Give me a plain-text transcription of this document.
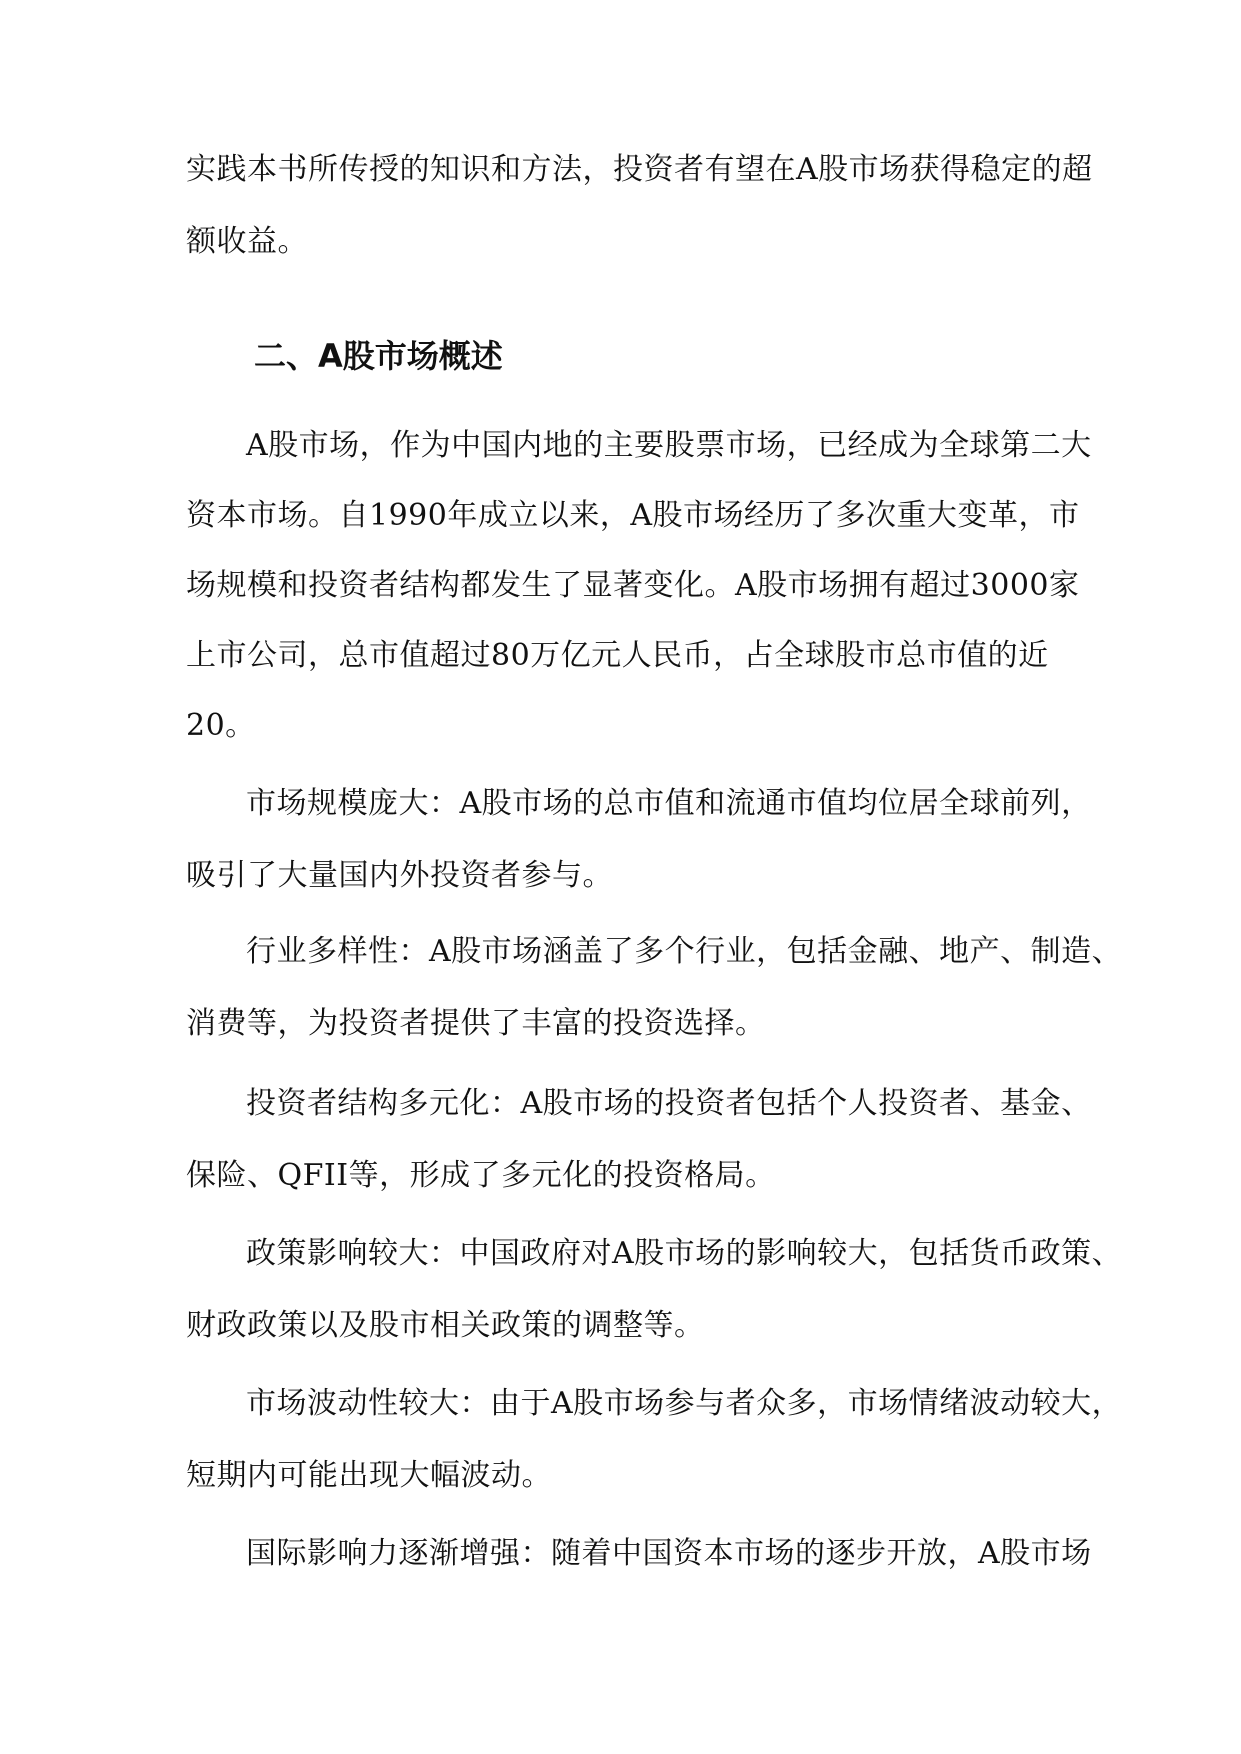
实践本书所传授的知识和方法，投资者有望在A股市场获得稳定的超
额收益。
二、A股市场概述
A股市场，作为中国内地的主要股票市场，已经成为全球第二大
资本市场。自1990年成立以来，A股市场经历了多次重大变革，市
场规模和投资者结构都发生了显著变化。A股市场拥有超过3000家
上市公司，总市值超过80万亿元人民币，占全球股市总市值的近
20。
市场规模庞大：A股市场的总市值和流通市值均位居全球前列，
吸引了大量国内外投资者参与。
行业多样性：A股市场涵盖了多个行业，包括金融、地产、制造、
消费等，为投资者提供了丰富的投资选择。
投资者结构多元化：A股市场的投资者包括个人投资者、基金、
保险、QFII等，形成了多元化的投资格局。
政策影响较大：中国政府对A股市场的影响较大，包括货币政策、
财政政策以及股市相关政策的调整等。
市场波动性较大：由于A股市场参与者众多，市场情绪波动较大，
短期内可能出现大幅波动。
国际影响力逐渐增强：随着中国资本市场的逐步开放，A股市场
